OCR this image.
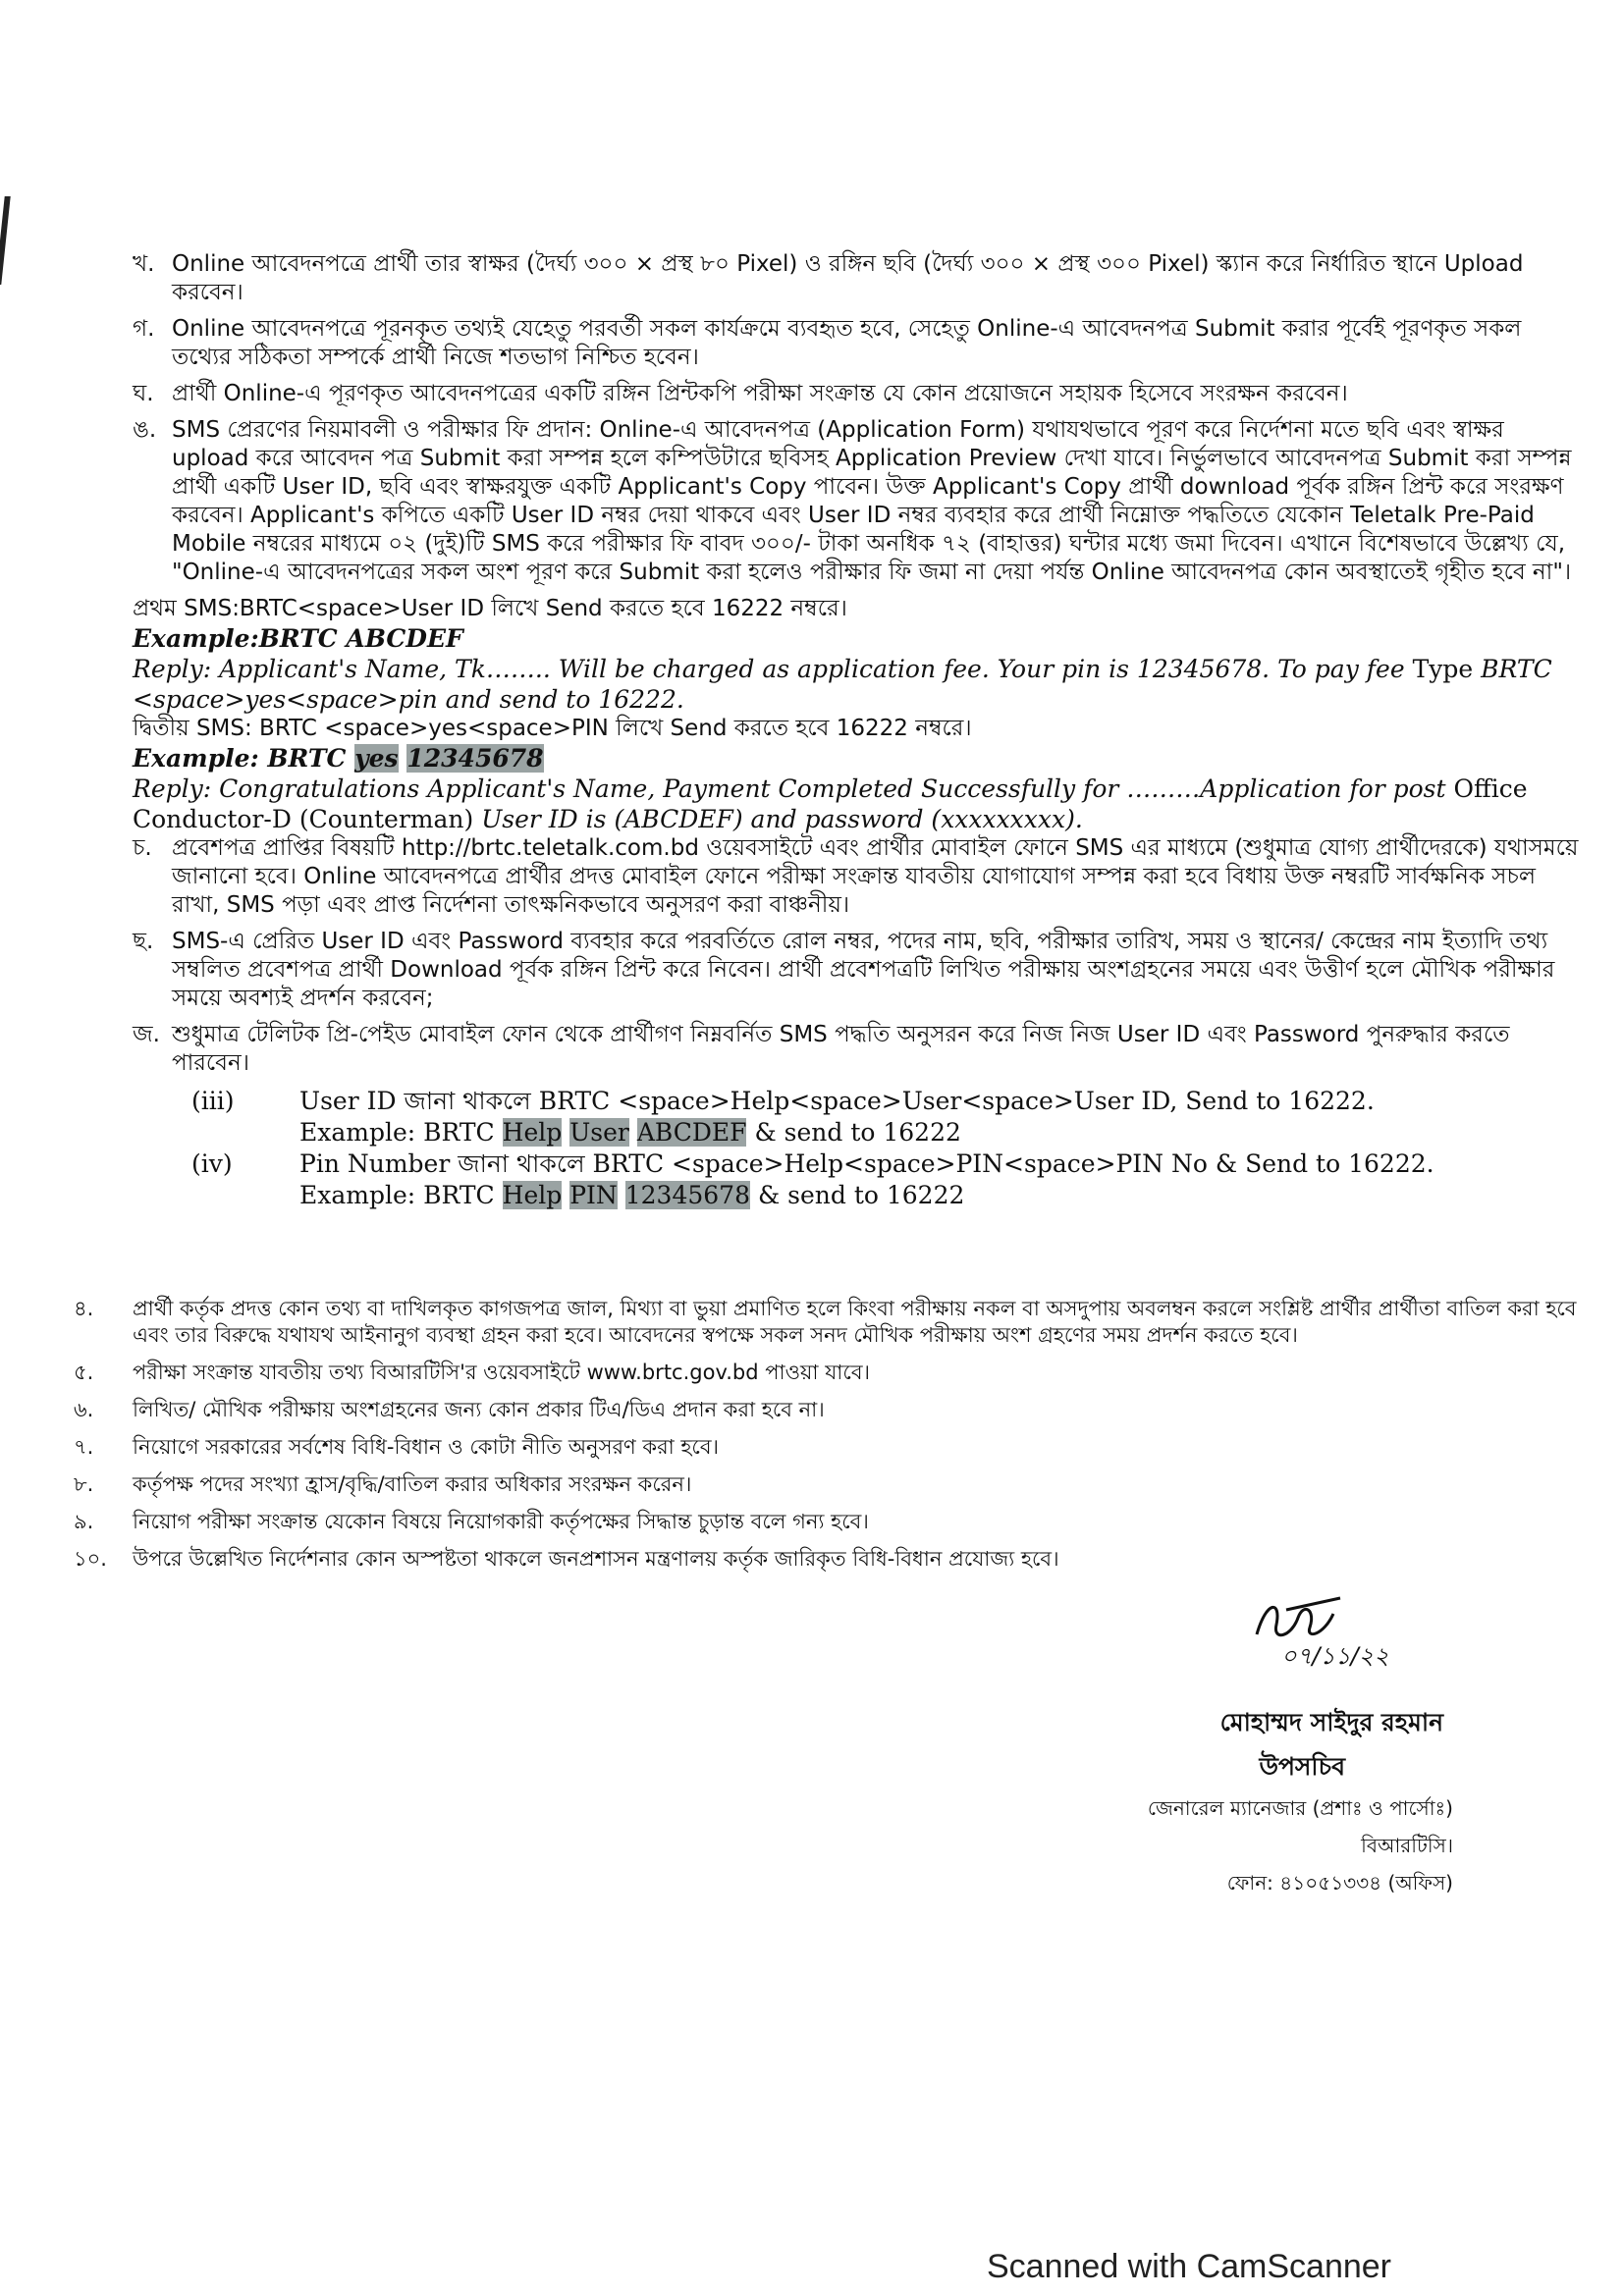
খ. Online আবেদনপত্রে প্রার্থী তার স্বাক্ষর (দৈর্ঘ্য ৩০০ × প্রস্থ ৮০ Pixel) ও রঙ্গিন ছবি (দৈর্ঘ্য ৩০০ × প্রস্থ ৩০০ Pixel) স্ক্যান করে নির্ধারিত স্থানে Upload করবেন।
গ. Online আবেদনপত্রে পূরনকৃত তথ্যই যেহেতু পরবর্তী সকল কার্যক্রমে ব্যবহৃত হবে, সেহেতু Online-এ আবেদনপত্র Submit করার পূর্বেই পূরণকৃত সকল তথ্যের সঠিকতা সম্পর্কে প্রার্থী নিজে শতভাগ নিশ্চিত হবেন।
ঘ. প্রার্থী Online-এ পূরণকৃত আবেদনপত্রের একটি রঙ্গিন প্রিন্টকপি পরীক্ষা সংক্রান্ত যে কোন প্রয়োজনে সহায়ক হিসেবে সংরক্ষন করবেন।
ঙ. SMS প্রেরণের নিয়মাবলী ও পরীক্ষার ফি প্রদান: Online-এ আবেদনপত্র (Application Form) যথাযথভাবে পূরণ করে নির্দেশনা মতে ছবি এবং স্বাক্ষর upload করে আবেদন পত্র Submit করা সম্পন্ন হলে কম্পিউটারে ছবিসহ Application Preview দেখা যাবে। নির্ভুলভাবে আবেদনপত্র Submit করা সম্পন্ন প্রার্থী একটি User ID, ছবি এবং স্বাক্ষরযুক্ত একটি Applicant's Copy পাবেন। উক্ত Applicant's Copy প্রার্থী download পূর্বক রঙ্গিন প্রিন্ট করে সংরক্ষণ করবেন। Applicant's কপিতে একটি User ID নম্বর দেয়া থাকবে এবং User ID নম্বর ব্যবহার করে প্রার্থী নিম্নোক্ত পদ্ধতিতে যেকোন Teletalk Pre-Paid Mobile নম্বরের মাধ্যমে ০২ (দুই)টি SMS করে পরীক্ষার ফি বাবদ ৩০০/- টাকা অনধিক ৭২ (বাহাত্তর) ঘন্টার মধ্যে জমা দিবেন। এখানে বিশেষভাবে উল্লেখ্য যে, "Online-এ আবেদনপত্রের সকল অংশ পূরণ করে Submit করা হলেও পরীক্ষার ফি জমা না দেয়া পর্যন্ত Online আবেদনপত্র কোন অবস্থাতেই গৃহীত হবে না"।

প্রথম SMS:BRTC<space>User ID লিখে Send করতে হবে 16222 নম্বরে।

Example:BRTC ABCDEF

Reply: Applicant's Name, Tk…….. Will be charged as application fee. Your pin is 12345678. To pay fee Type BRTC <space>yes<space>pin and send to 16222.

দ্বিতীয় SMS: BRTC <space>yes<space>PIN লিখে Send করতে হবে 16222 নম্বরে।

Example: BRTC yes 12345678

Reply: Congratulations Applicant's Name, Payment Completed Successfully for ………Application for post Office Conductor-D (Counterman) User ID is (ABCDEF) and password (xxxxxxxxx).

চ. প্রবেশপত্র প্রাপ্তির বিষয়টি http://brtc.teletalk.com.bd ওয়েবসাইটে এবং প্রার্থীর মোবাইল ফোনে SMS এর মাধ্যমে (শুধুমাত্র যোগ্য প্রার্থীদেরকে) যথাসময়ে জানানো হবে। Online আবেদনপত্রে প্রার্থীর প্রদত্ত মোবাইল ফোনে পরীক্ষা সংক্রান্ত যাবতীয় যোগাযোগ সম্পন্ন করা হবে বিধায় উক্ত নম্বরটি সার্বক্ষনিক সচল রাখা, SMS পড়া এবং প্রাপ্ত নির্দেশনা তাৎক্ষনিকভাবে অনুসরণ করা বাঞ্চনীয়।
ছ. SMS-এ প্রেরিত User ID এবং Password ব্যবহার করে পরবর্তিতে রোল নম্বর, পদের নাম, ছবি, পরীক্ষার তারিখ, সময় ও স্থানের/ কেন্দ্রের নাম ইত্যাদি তথ্য সম্বলিত প্রবেশপত্র প্রার্থী Download পূর্বক রঙ্গিন প্রিন্ট করে নিবেন। প্রার্থী প্রবেশপত্রটি লিখিত পরীক্ষায় অংশগ্রহনের সময়ে এবং উত্তীর্ণ হলে মৌখিক পরীক্ষার সময়ে অবশ্যই প্রদর্শন করবেন;
জ. শুধুমাত্র টেলিটক প্রি-পেইড মোবাইল ফোন থেকে প্রার্থীগণ নিম্নবর্নিত SMS পদ্ধতি অনুসরন করে নিজ নিজ User ID এবং Password পুনরুদ্ধার করতে পারবেন।
(iii)	User ID জানা থাকলে BRTC <space>Help<space>User<space>User ID, Send to 16222.
Example: BRTC Help User ABCDEF & send to 16222
(iv)	Pin Number জানা থাকলে BRTC <space>Help<space>PIN<space>PIN No & Send to 16222.
Example: BRTC Help PIN 12345678 & send to 16222
৪.	প্রার্থী কর্তৃক প্রদত্ত কোন তথ্য বা দাখিলকৃত কাগজপত্র জাল, মিথ্যা বা ভুয়া প্রমাণিত হলে কিংবা পরীক্ষায় নকল বা অসদুপায় অবলম্বন করলে সংশ্লিষ্ট প্রার্থীর প্রার্থীতা বাতিল করা হবে এবং তার বিরুদ্ধে যথাযথ আইনানুগ ব্যবস্থা গ্রহন করা হবে। আবেদনের স্বপক্ষে সকল সনদ মৌখিক পরীক্ষায় অংশ গ্রহণের সময় প্রদর্শন করতে হবে।
৫.	পরীক্ষা সংক্রান্ত যাবতীয় তথ্য বিআরটিসি'র ওয়েবসাইটে www.brtc.gov.bd পাওয়া যাবে।
৬.	লিখিত/ মৌখিক পরীক্ষায় অংশগ্রহনের জন্য কোন প্রকার টিএ/ডিএ প্রদান করা হবে না।
৭.	নিয়োগে সরকারের সর্বশেষ বিধি-বিধান ও কোটা নীতি অনুসরণ করা হবে।
৮.	কর্তৃপক্ষ পদের সংখ্যা হ্রাস/বৃদ্ধি/বাতিল করার অধিকার সংরক্ষন করেন।
৯.	নিয়োগ পরীক্ষা সংক্রান্ত যেকোন বিষয়ে নিয়োগকারী কর্তৃপক্ষের সিদ্ধান্ত চুড়ান্ত বলে গন্য হবে।
১০.	উপরে উল্লেখিত নির্দেশনার কোন অস্পষ্টতা থাকলে জনপ্রশাসন মন্ত্রণালয় কর্তৃক জারিকৃত বিধি-বিধান প্রযোজ্য হবে।
০৭/১১/২২
মোহাম্মদ সাইদুর রহমান
উপসচিব
জেনারেল ম্যানেজার (প্রশাঃ ও পার্সোঃ)
বিআরটিসি।
ফোন: ৪১০৫১৩৩৪ (অফিস)
Scanned with CamScanner
